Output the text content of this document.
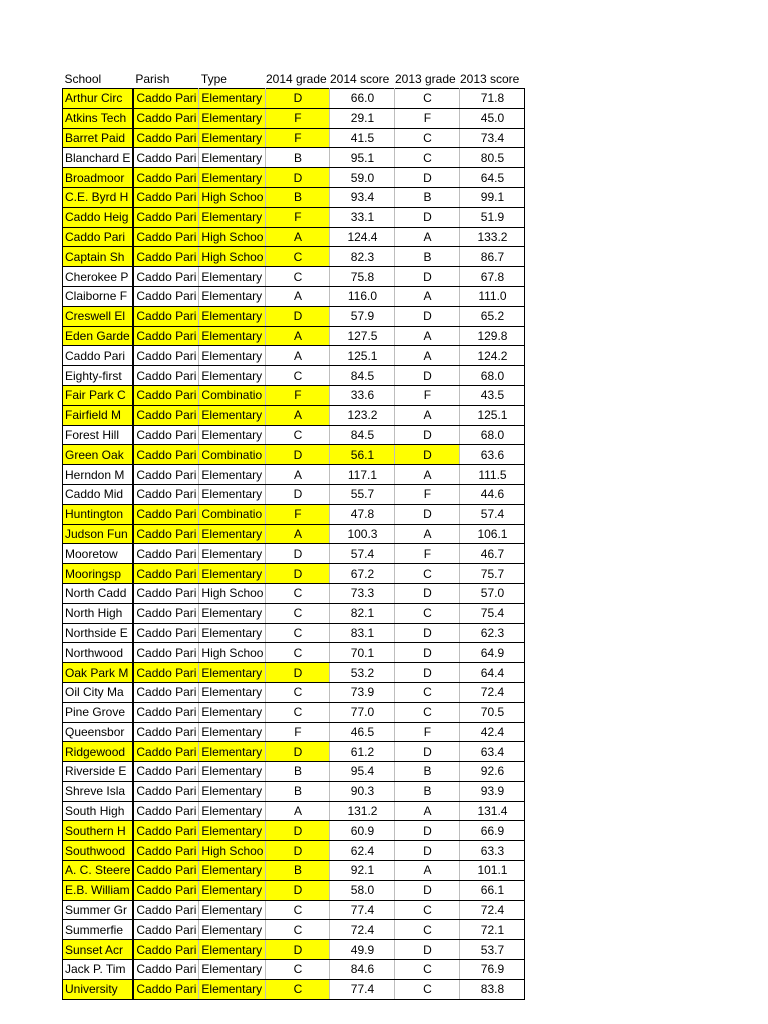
School	Parish	Type	2014 grade	2014 score	2013 grade	2013 score
Arthur Circ	Caddo Pari	Elementary	D	66.0	C	71.8
Atkins Tech	Caddo Pari	Elementary	F	29.1	F	45.0
Barret Paid	Caddo Pari	Elementary	F	41.5	C	73.4
Blanchard E	Caddo Pari	Elementary	B	95.1	C	80.5
Broadmoor	Caddo Pari	Elementary	D	59.0	D	64.5
C.E. Byrd H	Caddo Pari	High Schoo	B	93.4	B	99.1
Caddo Heig	Caddo Pari	Elementary	F	33.1	D	51.9
Caddo Pari	Caddo Pari	High Schoo	A	124.4	A	133.2
Captain Sh	Caddo Pari	High Schoo	C	82.3	B	86.7
Cherokee P	Caddo Pari	Elementary	C	75.8	D	67.8
Claiborne F	Caddo Pari	Elementary	A	116.0	A	111.0
Creswell El	Caddo Pari	Elementary	D	57.9	D	65.2
Eden Garde	Caddo Pari	Elementary	A	127.5	A	129.8
Caddo Pari	Caddo Pari	Elementary	A	125.1	A	124.2
Eighty-first	Caddo Pari	Elementary	C	84.5	D	68.0
Fair Park C	Caddo Pari	Combinatio	F	33.6	F	43.5
Fairfield M	Caddo Pari	Elementary	A	123.2	A	125.1
Forest Hill	Caddo Pari	Elementary	C	84.5	D	68.0
Green Oak	Caddo Pari	Combinatio	D	56.1	D	63.6
Herndon M	Caddo Pari	Elementary	A	117.1	A	111.5
Caddo Mid	Caddo Pari	Elementary	D	55.7	F	44.6
Huntington	Caddo Pari	Combinatio	F	47.8	D	57.4
Judson Fun	Caddo Pari	Elementary	A	100.3	A	106.1
Mooretow	Caddo Pari	Elementary	D	57.4	F	46.7
Mooringsp	Caddo Pari	Elementary	D	67.2	C	75.7
North Cadd	Caddo Pari	High Schoo	C	73.3	D	57.0
North High	Caddo Pari	Elementary	C	82.1	C	75.4
Northside E	Caddo Pari	Elementary	C	83.1	D	62.3
Northwood	Caddo Pari	High Schoo	C	70.1	D	64.9
Oak Park M	Caddo Pari	Elementary	D	53.2	D	64.4
Oil City Ma	Caddo Pari	Elementary	C	73.9	C	72.4
Pine Grove	Caddo Pari	Elementary	C	77.0	C	70.5
Queensbor	Caddo Pari	Elementary	F	46.5	F	42.4
Ridgewood	Caddo Pari	Elementary	D	61.2	D	63.4
Riverside E	Caddo Pari	Elementary	B	95.4	B	92.6
Shreve Isla	Caddo Pari	Elementary	B	90.3	B	93.9
South High	Caddo Pari	Elementary	A	131.2	A	131.4
Southern H	Caddo Pari	Elementary	D	60.9	D	66.9
Southwood	Caddo Pari	High Schoo	D	62.4	D	63.3
A. C. Steere	Caddo Pari	Elementary	B	92.1	A	101.1
E.B. William	Caddo Pari	Elementary	D	58.0	D	66.1
Summer Gr	Caddo Pari	Elementary	C	77.4	C	72.4
Summerfie	Caddo Pari	Elementary	C	72.4	C	72.1
Sunset Acr	Caddo Pari	Elementary	D	49.9	D	53.7
Jack P. Tim	Caddo Pari	Elementary	C	84.6	C	76.9
University	Caddo Pari	Elementary	C	77.4	C	83.8
